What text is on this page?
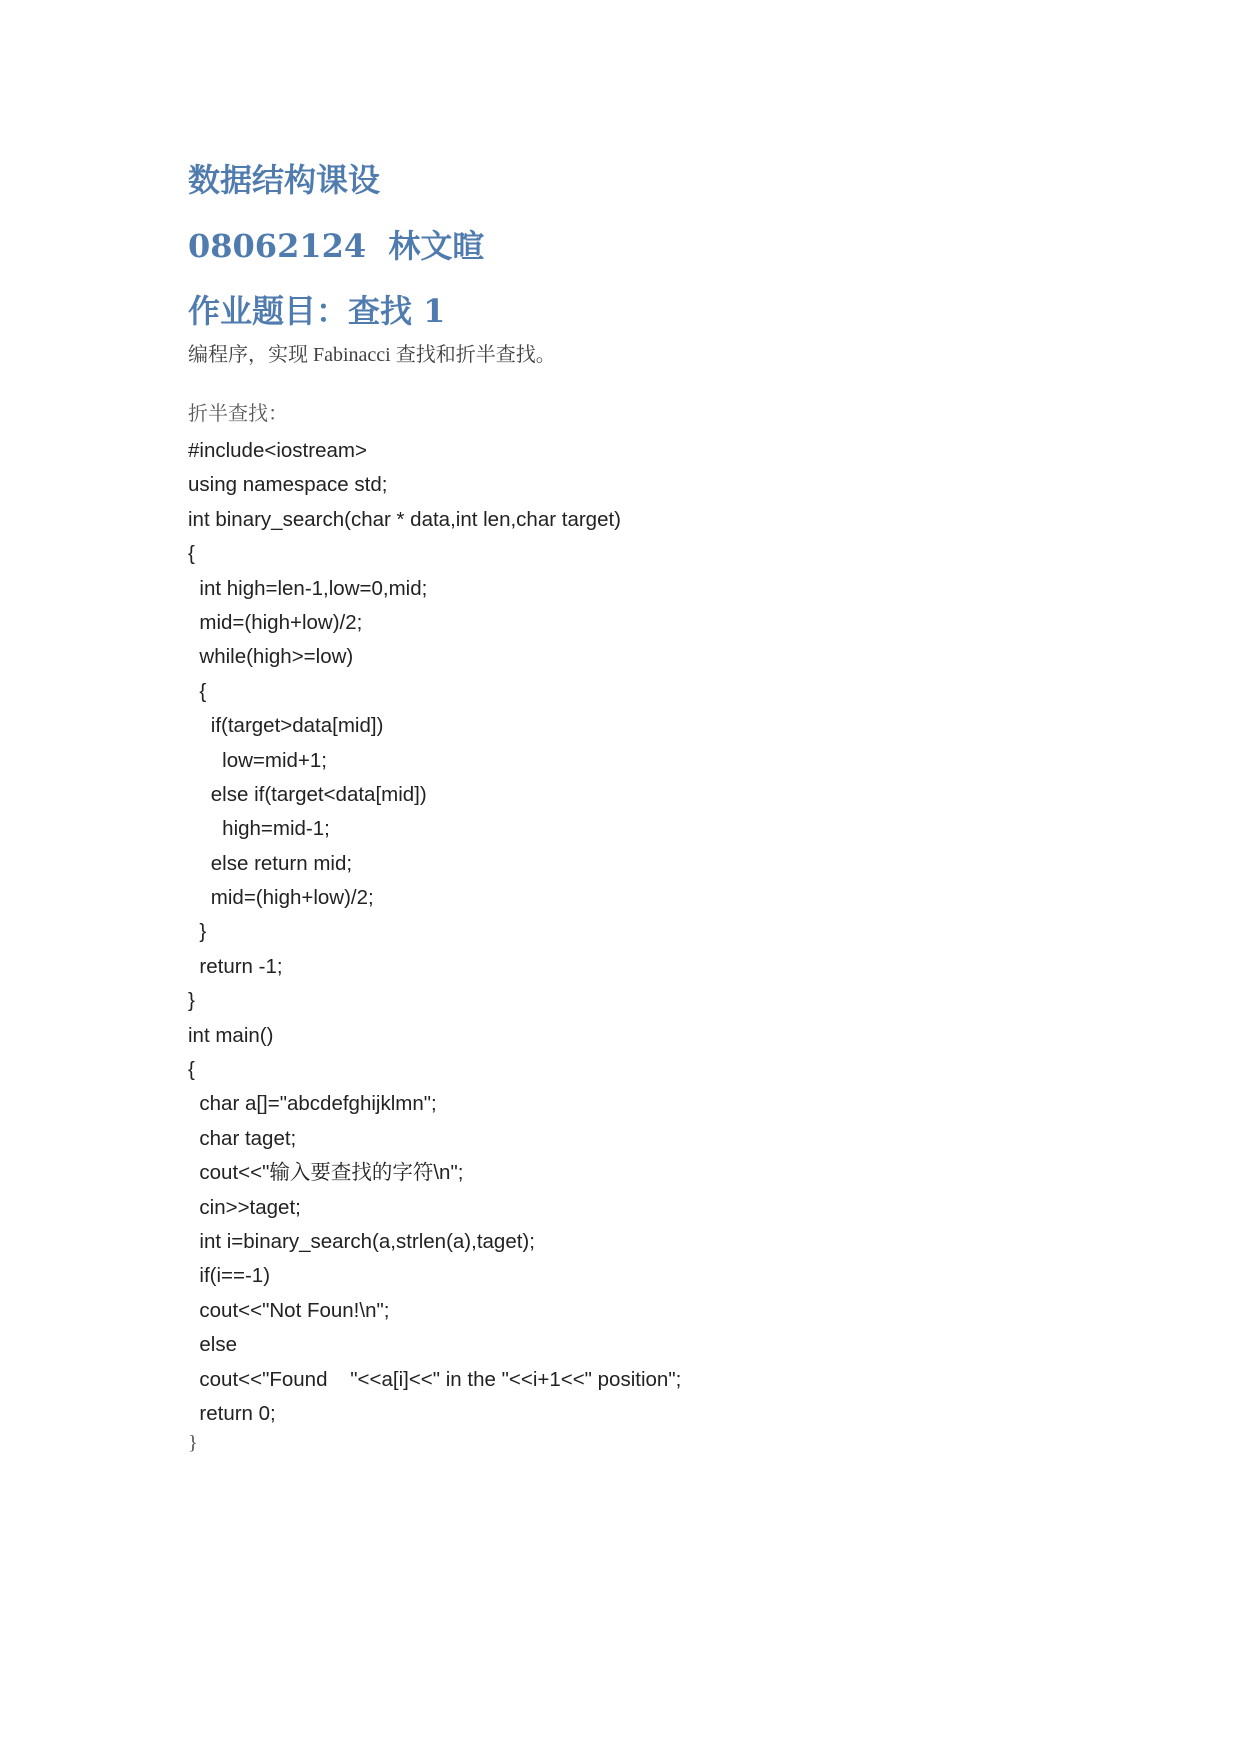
数据结构课设
08062124  林文暄
作业题目：查找 1

编程序，实现 Fabinacci 查找和折半查找。

折半查找：

#include<iostream>
using namespace std;
int binary_search(char * data,int len,char target)
{
int high=len-1,low=0,mid;
mid=(high+low)/2;
while(high>=low)
{
if(target>data[mid])
low=mid+1;
else if(target<data[mid])
high=mid-1;
else return mid;
mid=(high+low)/2;
}
return -1;
}
int main()
{
char a[]="abcdefghijklmn";
char taget;
cout<<"输入要查找的字符\n";
cin>>taget;
int i=binary_search(a,strlen(a),taget);
if(i==-1)
cout<<"Not Foun!\n";
else
cout<<"Found    "<<a[i]<<" in the "<<i+1<<" position";
return 0;
}
